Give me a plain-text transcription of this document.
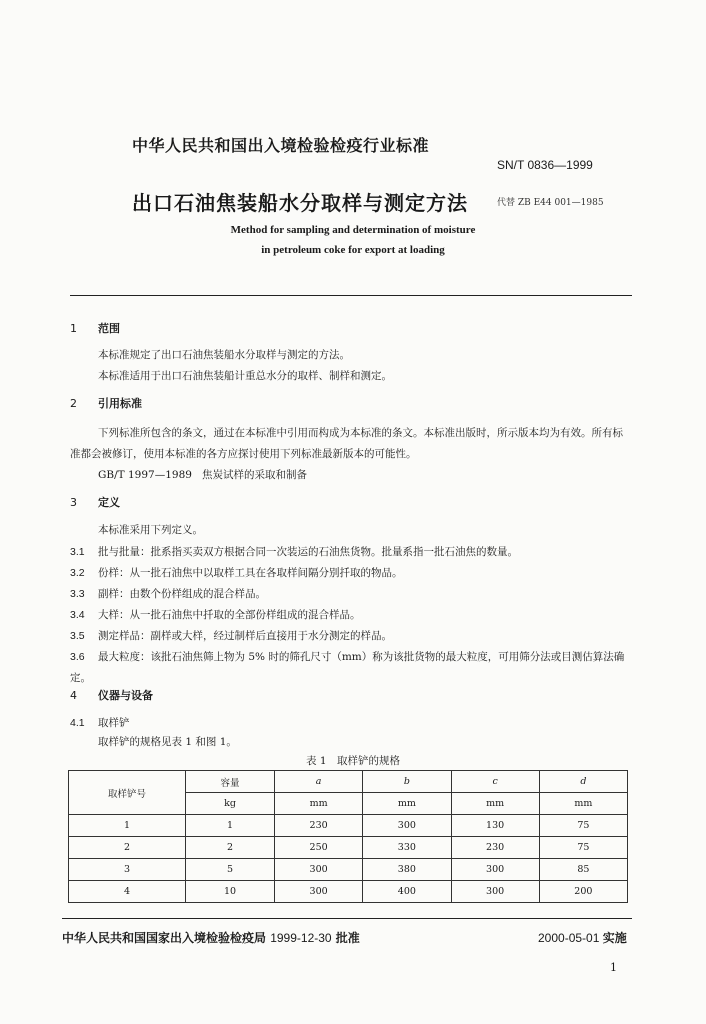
中华人民共和国出入境检验检疫行业标准
SN/T 0836—1999
出口石油焦装船水分取样与测定方法	代替 ZB E44 001—1985
Method for sampling and determination of moisture
in petroleum coke for export at loading
1 范围
本标准规定了出口石油焦装船水分取样与测定的方法。
本标准适用于出口石油焦装船计重总水分的取样、制样和测定。
2 引用标准
下列标准所包含的条文，通过在本标准中引用而构成为本标准的条文。本标准出版时，所示版本均为有效。所有标准都会被修订，使用本标准的各方应探讨使用下列标准最新版本的可能性。
GB/T 1997—1989 焦炭试样的采取和制备
3 定义
本标准采用下列定义。
3.1 批与批量：批系指买卖双方根据合同一次装运的石油焦货物。批量系指一批石油焦的数量。
3.2 份样：从一批石油焦中以取样工具在各取样间隔分别扦取的物品。
3.3 副样：由数个份样组成的混合样品。
3.4 大样：从一批石油焦中扦取的全部份样组成的混合样品。
3.5 测定样品：副样或大样，经过制样后直接用于水分测定的样品。
3.6 最大粒度：该批石油焦筛上物为 5% 时的筛孔尺寸（mm）称为该批货物的最大粒度，可用筛分法或目测估算法确定。
4 仪器与设备
4.1 取样铲
取样铲的规格见表 1 和图 1。
表 1　取样铲的规格
取样铲号	容量	a	b	c	d
	kg	mm	mm	mm	mm
1	1	230	300	130	75
2	2	250	330	230	75
3	5	300	380	300	85
4	10	300	400	300	200
中华人民共和国国家出入境检验检疫局 1999-12-30 批准	2000-05-01 实施
1
